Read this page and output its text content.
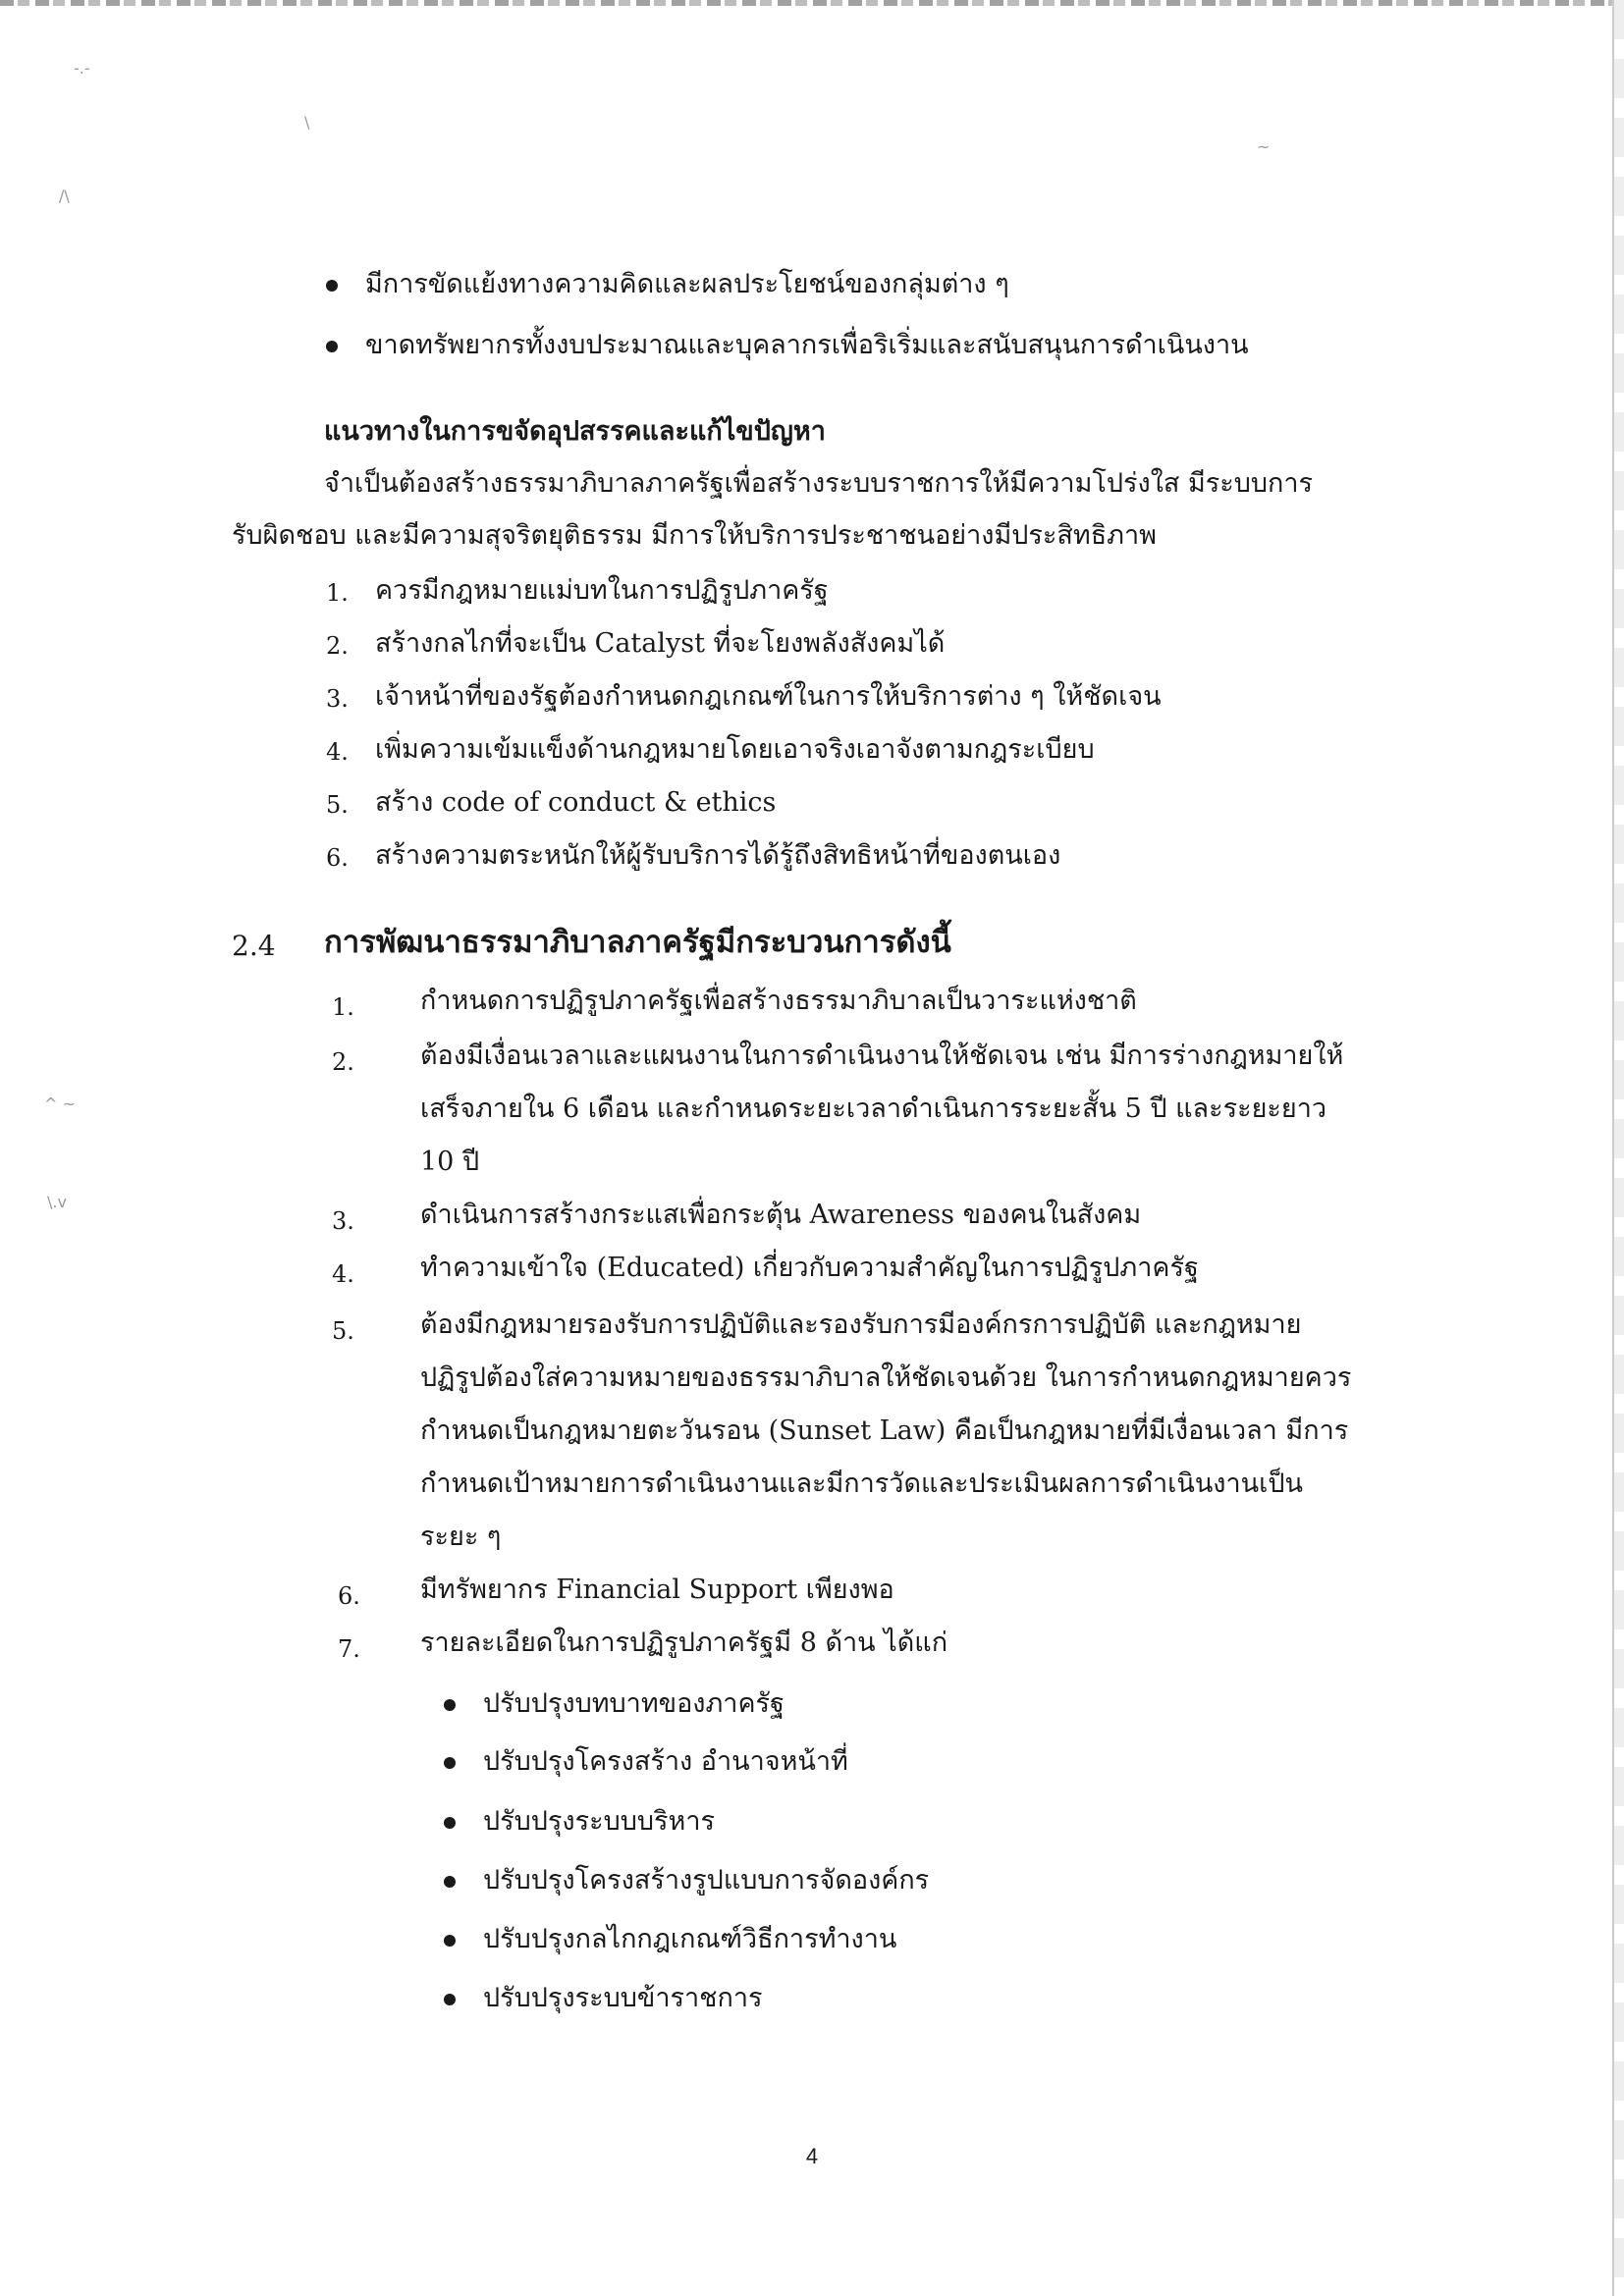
-.-
\
/\
^ ~
\.v
~
มีการขัดแย้งทางความคิดและผลประโยชน์ของกลุ่มต่าง ๆ
ขาดทรัพยากรทั้งงบประมาณและบุคลากรเพื่อริเริ่มและสนับสนุนการดำเนินงาน
แนวทางในการขจัดอุปสรรคและแก้ไขปัญหา
จำเป็นต้องสร้างธรรมาภิบาลภาครัฐเพื่อสร้างระบบราชการให้มีความโปร่งใส มีระบบการ
รับผิดชอบ และมีความสุจริตยุติธรรม มีการให้บริการประชาชนอย่างมีประสิทธิภาพ
1. ควรมีกฎหมายแม่บทในการปฏิรูปภาครัฐ
2. สร้างกลไกที่จะเป็น Catalyst ที่จะโยงพลังสังคมได้
3. เจ้าหน้าที่ของรัฐต้องกำหนดกฎเกณฑ์ในการให้บริการต่าง ๆ ให้ชัดเจน
4. เพิ่มความเข้มแข็งด้านกฎหมายโดยเอาจริงเอาจังตามกฎระเบียบ
5. สร้าง code of conduct & ethics
6. สร้างความตระหนักให้ผู้รับบริการได้รู้ถึงสิทธิหน้าที่ของตนเอง
2.4 การพัฒนาธรรมาภิบาลภาครัฐมีกระบวนการดังนี้
1. กำหนดการปฏิรูปภาครัฐเพื่อสร้างธรรมาภิบาลเป็นวาระแห่งชาติ
2. ต้องมีเงื่อนเวลาและแผนงานในการดำเนินงานให้ชัดเจน เช่น มีการร่างกฎหมายให้
เสร็จภายใน 6 เดือน และกำหนดระยะเวลาดำเนินการระยะสั้น 5 ปี และระยะยาว
10 ปี
3. ดำเนินการสร้างกระแสเพื่อกระตุ้น Awareness ของคนในสังคม
4. ทำความเข้าใจ (Educated) เกี่ยวกับความสำคัญในการปฏิรูปภาครัฐ
5. ต้องมีกฎหมายรองรับการปฏิบัติและรองรับการมีองค์กรการปฏิบัติ และกฎหมาย
ปฏิรูปต้องใส่ความหมายของธรรมาภิบาลให้ชัดเจนด้วย ในการกำหนดกฎหมายควร
กำหนดเป็นกฎหมายตะวันรอน (Sunset Law) คือเป็นกฎหมายที่มีเงื่อนเวลา มีการ
กำหนดเป้าหมายการดำเนินงานและมีการวัดและประเมินผลการดำเนินงานเป็น
ระยะ ๆ
6. มีทรัพยากร Financial Support เพียงพอ
7. รายละเอียดในการปฏิรูปภาครัฐมี 8 ด้าน ได้แก่
ปรับปรุงบทบาทของภาครัฐ
ปรับปรุงโครงสร้าง อำนาจหน้าที่
ปรับปรุงระบบบริหาร
ปรับปรุงโครงสร้างรูปแบบการจัดองค์กร
ปรับปรุงกลไกกฎเกณฑ์วิธีการทำงาน
ปรับปรุงระบบข้าราชการ
4
